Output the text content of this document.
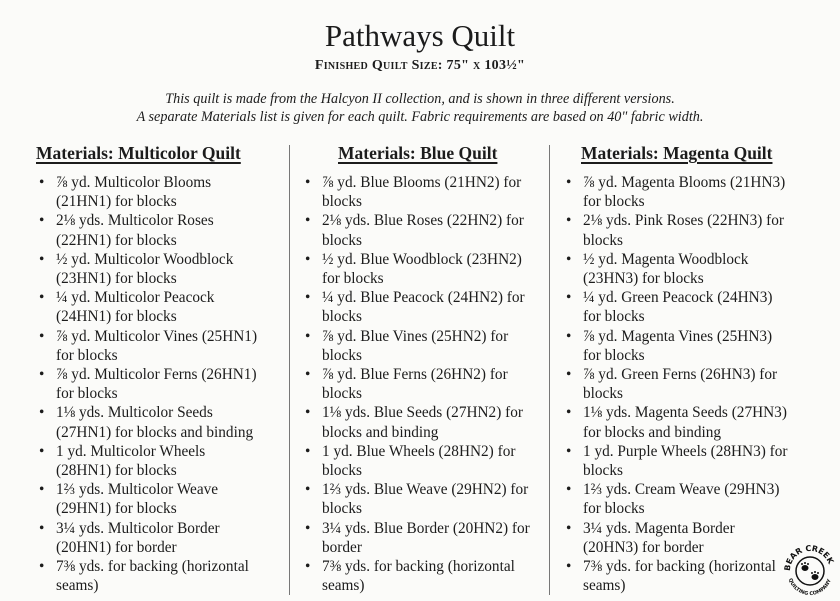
Pathways Quilt
Finished Quilt Size: 75" x 103½"
This quilt is made from the Halcyon II collection, and is shown in three different versions.
A separate Materials list is given for each quilt. Fabric requirements are based on 40" fabric width.
Materials: Multicolor Quilt
• ⅞ yd. Multicolor Blooms
(21HN1) for blocks
• 2⅛ yds. Multicolor Roses
(22HN1) for blocks
• ½ yd. Multicolor Woodblock
(23HN1) for blocks
• ¼ yd. Multicolor Peacock
(24HN1) for blocks
• ⅞ yd. Multicolor Vines (25HN1)
for blocks
• ⅞ yd. Multicolor Ferns (26HN1)
for blocks
• 1⅛ yds. Multicolor Seeds
(27HN1) for blocks and binding
• 1 yd. Multicolor Wheels
(28HN1) for blocks
• 1⅔ yds. Multicolor Weave
(29HN1) for blocks
• 3¼ yds. Multicolor Border
(20HN1) for border
• 7⅜ yds. for backing (horizontal
seams)
Materials: Blue Quilt
• ⅞ yd. Blue Blooms (21HN2) for
blocks
• 2⅛ yds. Blue Roses (22HN2) for
blocks
• ½ yd. Blue Woodblock (23HN2)
for blocks
• ¼ yd. Blue Peacock (24HN2) for
blocks
• ⅞ yd. Blue Vines (25HN2) for
blocks
• ⅞ yd. Blue Ferns (26HN2) for
blocks
• 1⅛ yds. Blue Seeds (27HN2) for
blocks and binding
• 1 yd. Blue Wheels (28HN2) for
blocks
• 1⅔ yds. Blue Weave (29HN2) for
blocks
• 3¼ yds. Blue Border (20HN2) for
border
• 7⅜ yds. for backing (horizontal
seams)
Materials: Magenta Quilt
• ⅞ yd. Magenta Blooms (21HN3)
for blocks
• 2⅛ yds. Pink Roses (22HN3) for
blocks
• ½ yd. Magenta Woodblock
(23HN3) for blocks
• ¼ yd. Green Peacock (24HN3)
for blocks
• ⅞ yd. Magenta Vines (25HN3)
for blocks
• ⅞ yd. Green Ferns (26HN3) for
blocks
• 1⅛ yds. Magenta Seeds (27HN3)
for blocks and binding
• 1 yd. Purple Wheels (28HN3) for
blocks
• 1⅔ yds. Cream Weave (29HN3)
for blocks
• 3¼ yds. Magenta Border
(20HN3) for border
• 7⅜ yds. for backing (horizontal
seams)
BEAR CREEK
QUILTING COMPANY
